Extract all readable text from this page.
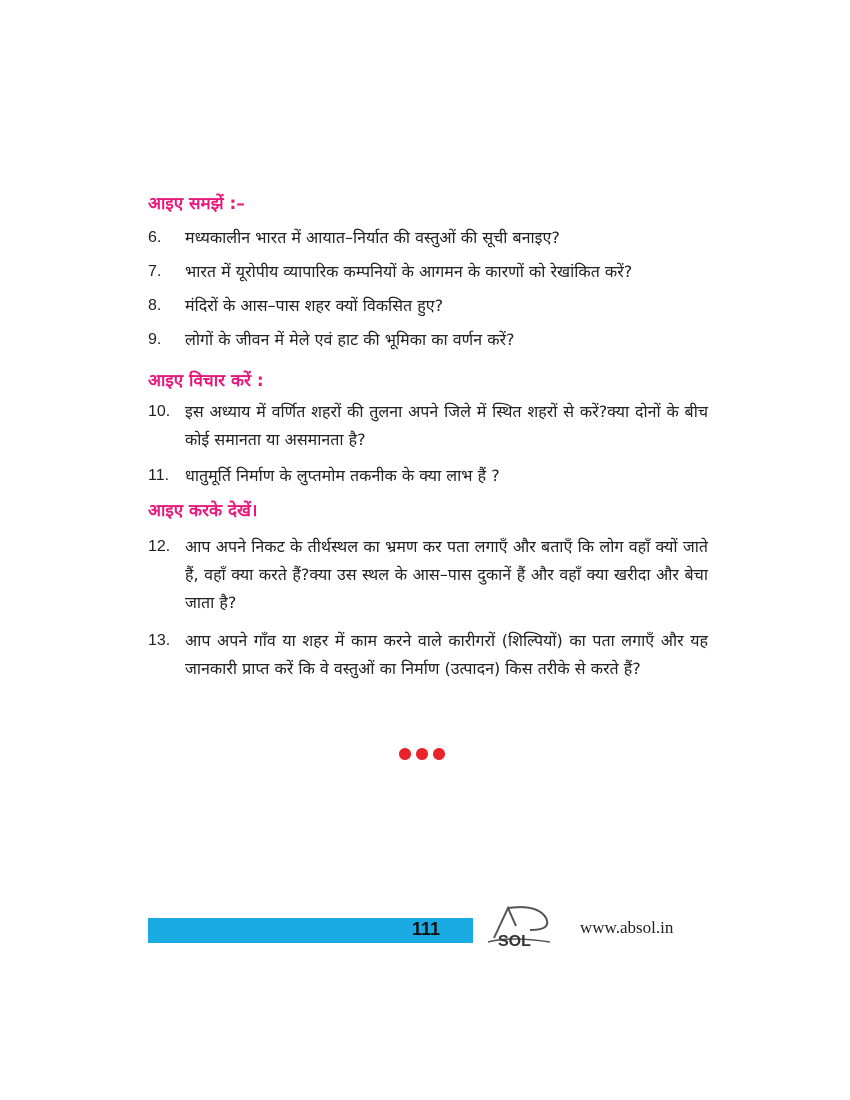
आइए समझें :–
6.	मध्यकालीन भारत में आयात–निर्यात की वस्तुओं की सूची बनाइए?
7.	भारत में यूरोपीय व्यापारिक कम्पनियों के आगमन के कारणों को रेखांकित करें?
8.	मंदिरों के आस–पास शहर क्यों विकसित हुए?
9.	लोगों के जीवन में मेले एवं हाट की भूमिका का वर्णन करें?
आइए विचार करें :
10. इस अध्याय में वर्णित शहरों की तुलना अपने जिले में स्थित शहरों से करें?क्या दोनों के बीच कोई समानता या असमानता है?
11. धातुमूर्ति निर्माण के लुप्तमोम तकनीक के क्या लाभ हैं ?
आइए करके देखें।
12. आप अपने निकट के तीर्थस्थल का भ्रमण कर पता लगाएँ और बताएँ कि लोग वहाँ क्यों जाते हैं, वहाँ क्या करते हैं?क्या उस स्थल के आस–पास दुकानें हैं और वहाँ क्या खरीदा और बेचा जाता है?
13. आप अपने गाँव या शहर में काम करने वाले कारीगरों (शिल्पियों) का पता लगाएँ और यह जानकारी प्राप्त करें कि वे वस्तुओं का निर्माण (उत्पादन) किस तरीके से करते हैं?
111
SOL
www.absol.in
